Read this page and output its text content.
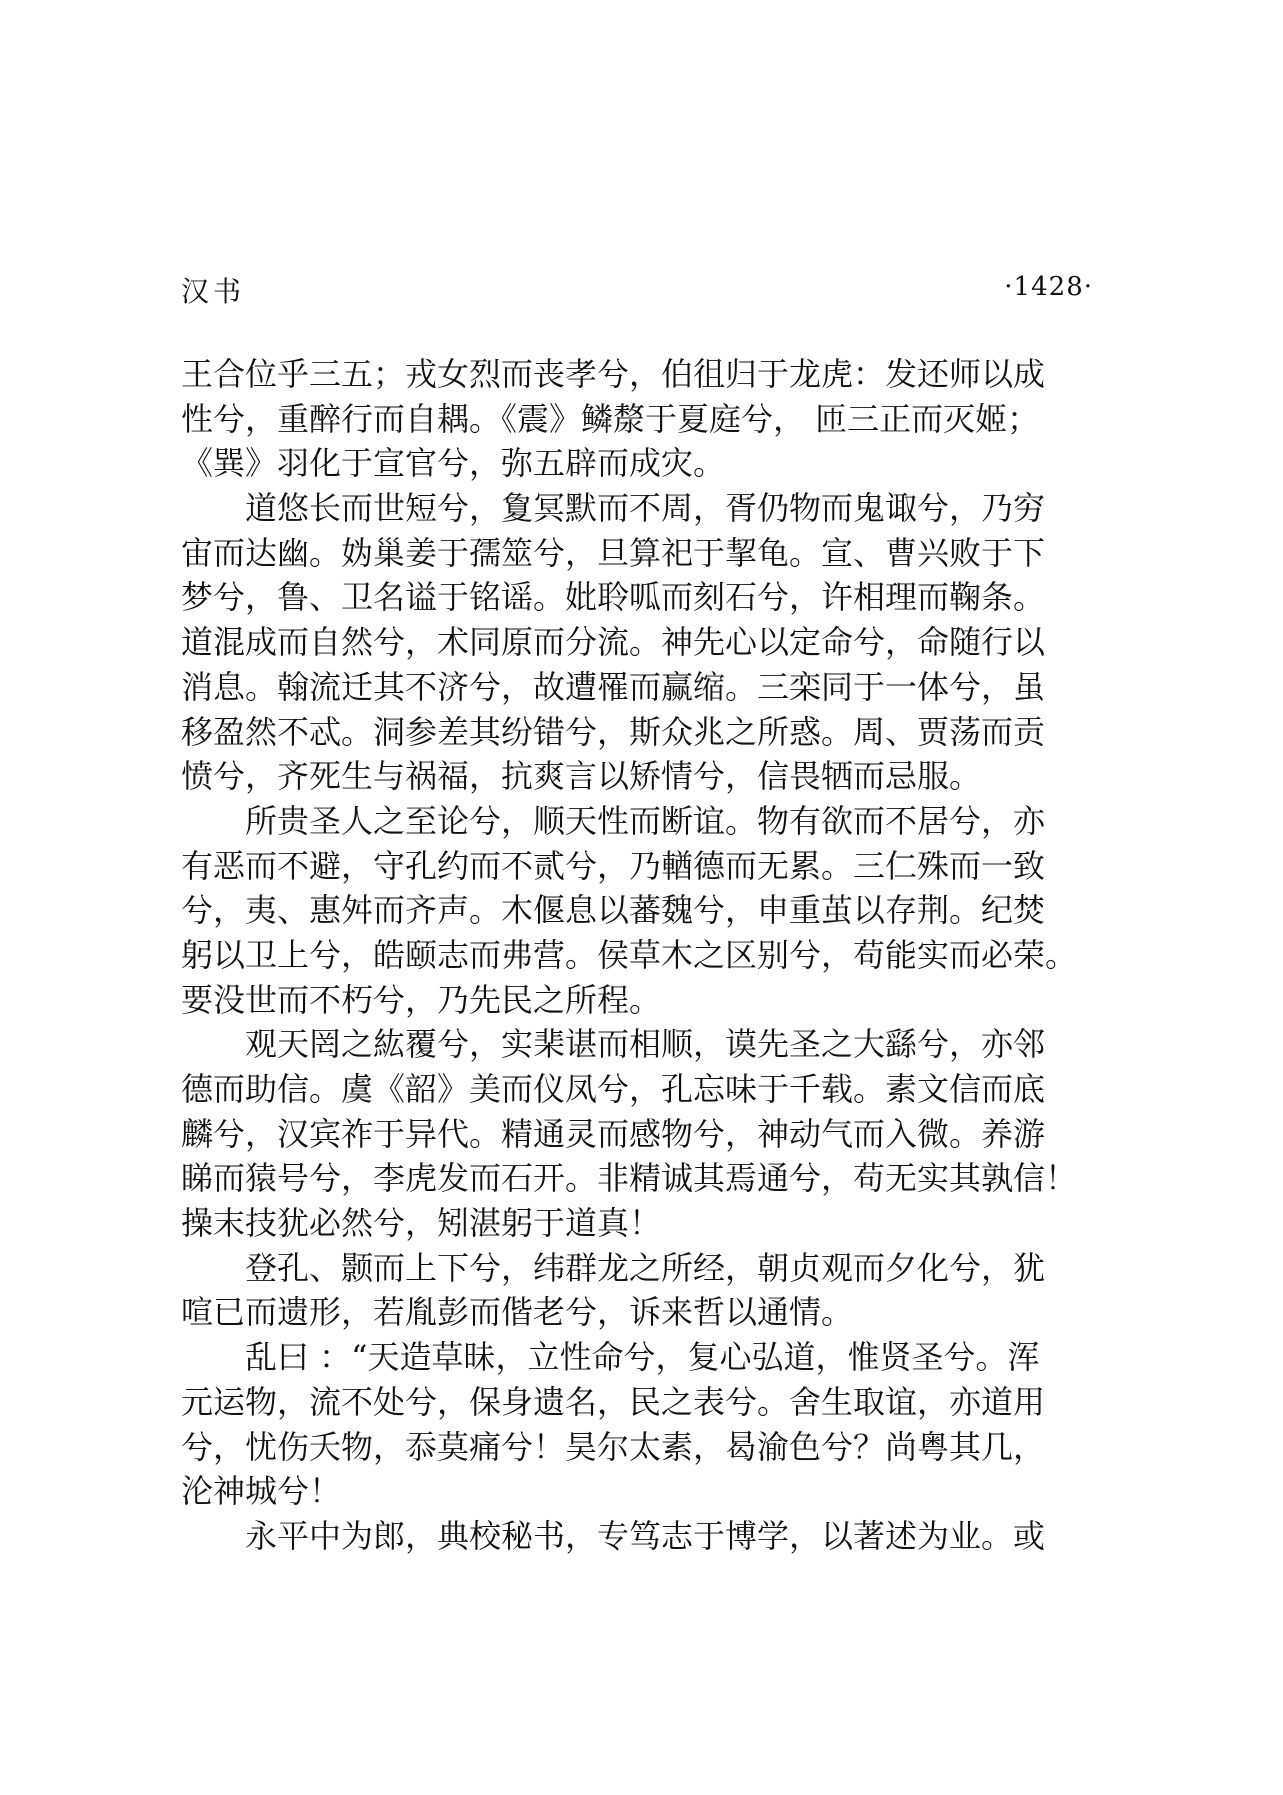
汉书	·1428·
王合位乎三五；戎女烈而丧孝兮，伯徂归于龙虎：发还师以成
性兮，重醉行而自耦。《震》鳞漦于夏庭兮， 匝三正而灭姬；
《巽》羽化于宣官兮，弥五辟而成灾。
道悠长而世短兮，夐冥默而不周，胥仍物而鬼诹兮，乃穷
宙而达幽。妫巢姜于孺筮兮，旦算祀于挈龟。宣、曹兴败于下
梦兮，鲁、卫名谥于铭谣。妣聆呱而刻石兮，许相理而鞠条。
道混成而自然兮，术同原而分流。神先心以定命兮，命随行以
消息。翰流迁其不济兮，故遭罹而赢缩。三栾同于一体兮，虽
移盈然不忒。洞参差其纷错兮，斯众兆之所惑。周、贾荡而贡
愤兮，齐死生与祸福，抗爽言以矫情兮，信畏牺而忌服。
所贵圣人之至论兮，顺天性而断谊。物有欲而不居兮，亦
有恶而不避，守孔约而不贰兮，乃輶德而无累。三仁殊而一致
兮，夷、惠舛而齐声。木偃息以蕃魏兮，申重茧以存荆。纪焚
躬以卫上兮，皓颐志而弗营。侯草木之区别兮，苟能实而必荣。
要没世而不朽兮，乃先民之所程。
观天罔之紘覆兮，实棐谌而相顺，谟先圣之大繇兮，亦邻
德而助信。虞《韶》美而仪凤兮，孔忘味于千载。素文信而底
麟兮，汉宾祚于异代。精通灵而感物兮，神动气而入微。养游
睇而猿号兮，李虎发而石开。非精诚其焉通兮，苟无实其孰信！
操末技犹必然兮，矧湛躬于道真！
登孔、颢而上下兮，纬群龙之所经，朝贞观而夕化兮，犹
喧已而遗形，若胤彭而偕老兮，诉来哲以通情。
乱曰 ：“天造草昧，立性命兮，复心弘道，惟贤圣兮。浑
元运物，流不处兮，保身遗名，民之表兮。舍生取谊，亦道用
兮，忧伤夭物，忝莫痛兮！昊尔太素，曷渝色兮？尚粤其几，
沦神城兮！
永平中为郎，典校秘书，专笃志于博学，以著述为业。或
